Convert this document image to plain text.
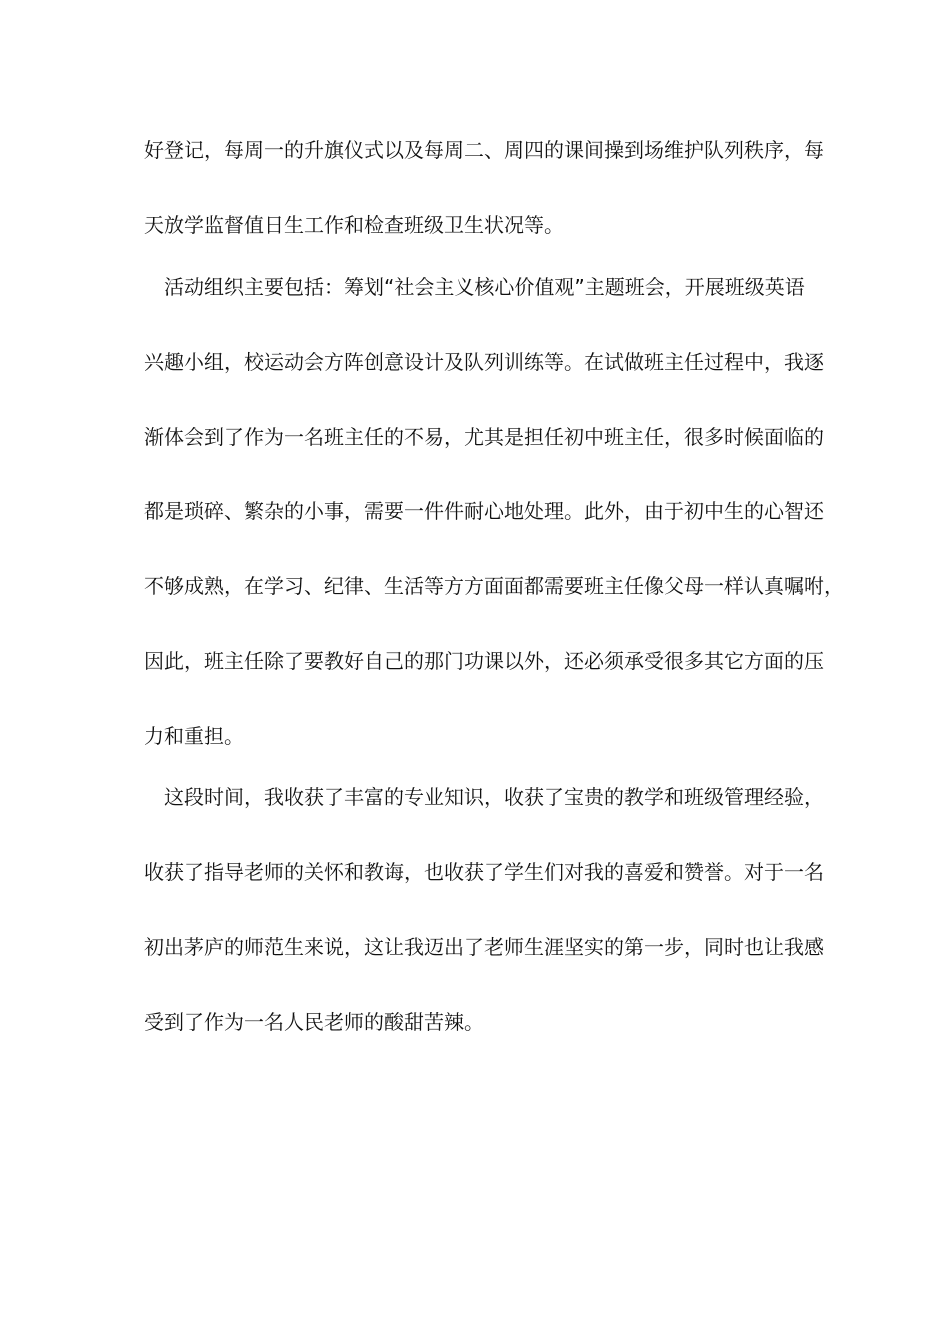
好登记，每周一的升旗仪式以及每周二、周四的课间操到场维护队列秩序，每
天放学监督值日生工作和检查班级卫生状况等。
活动组织主要包括：筹划“社会主义核心价值观”主题班会，开展班级英语
兴趣小组，校运动会方阵创意设计及队列训练等。在试做班主任过程中，我逐
渐体会到了作为一名班主任的不易，尤其是担任初中班主任，很多时候面临的
都是琐碎、繁杂的小事，需要一件件耐心地处理。此外，由于初中生的心智还
不够成熟，在学习、纪律、生活等方方面面都需要班主任像父母一样认真嘱咐，
因此，班主任除了要教好自己的那门功课以外，还必须承受很多其它方面的压
力和重担。
这段时间，我收获了丰富的专业知识，收获了宝贵的教学和班级管理经验，
收获了指导老师的关怀和教诲，也收获了学生们对我的喜爱和赞誉。对于一名
初出茅庐的师范生来说，这让我迈出了老师生涯坚实的第一步，同时也让我感
受到了作为一名人民老师的酸甜苦辣。
